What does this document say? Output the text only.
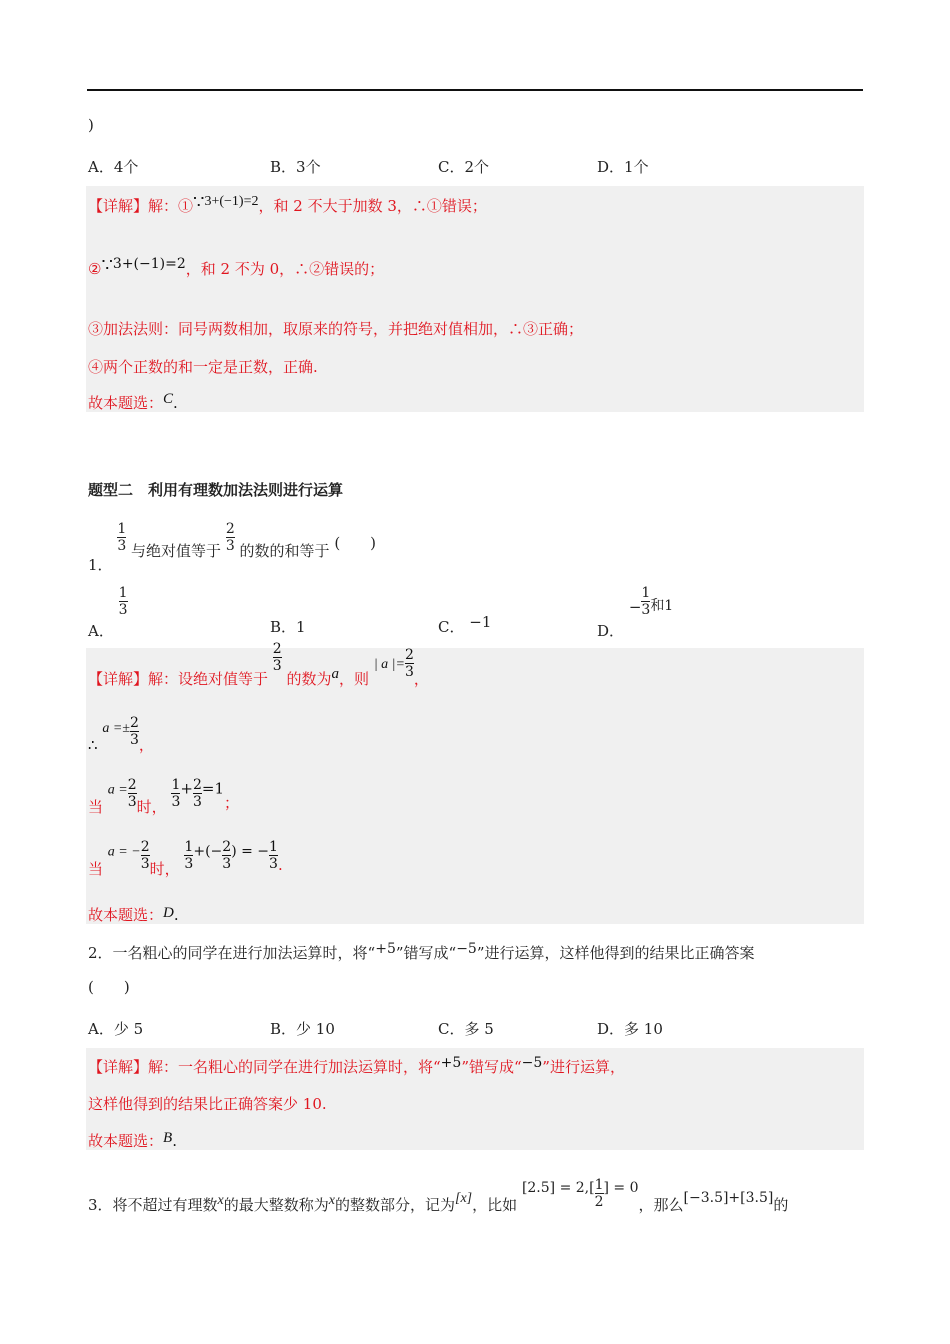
)
A．4个	B．3个	C．2个	D．1个
【详解】解：①∵3+(−1)=2，和 2 不大于加数 3，∴①错误；
②∵3+(−1)=2，和 2 不为 0，∴②错误的；
③加法法则：同号两数相加，取原来的符号，并把绝对值相加，∴③正确；
④两个正数的和一定是正数，正确.
故本题选：C.
题型二　利用有理数加法法则进行运算
1．
$\frac{1}{3}$ 与绝对值等于 $\frac{2}{3}$ 的数的和等于 (　　)
A．
$\frac{1}{3}$
B．1	C． −1	D． − $\frac{1}{3}$ 和1
【详解】解：设绝对值等于
$\frac{2}{3}$
的数为a，则 | a |= $\frac{2}{3}$ ，
∴ $a =\pm \frac{2}{3}$ ，
当 $a = \frac{2}{3}$ 时， $\frac{1}{3} + \frac{2}{3} =1$；
当 a = − $\frac{2}{3}$ 时， $\frac{1}{3}$ +(− $\frac{2}{3}$ ) = − $\frac{1}{3}$ .
故本题选：D.
2．一名粗心的同学在进行加法运算时，将“+5”错写成“−5”进行运算，这样他得到的结果比正确答案
(　　)
A．少 5	B．少 10	C．多 5	D．多 10
【详解】解：一名粗心的同学在进行加法运算时，将“+5”错写成“−5”进行运算，
这样他得到的结果比正确答案少 10.
故本题选：B.
3．将不超过有理数x的最大整数称为x的整数部分，记为[x]，比如 $[2.5] = 2,[ \frac{1}{2}$ ] = 0，那么[−3.5]+[3.5]的
